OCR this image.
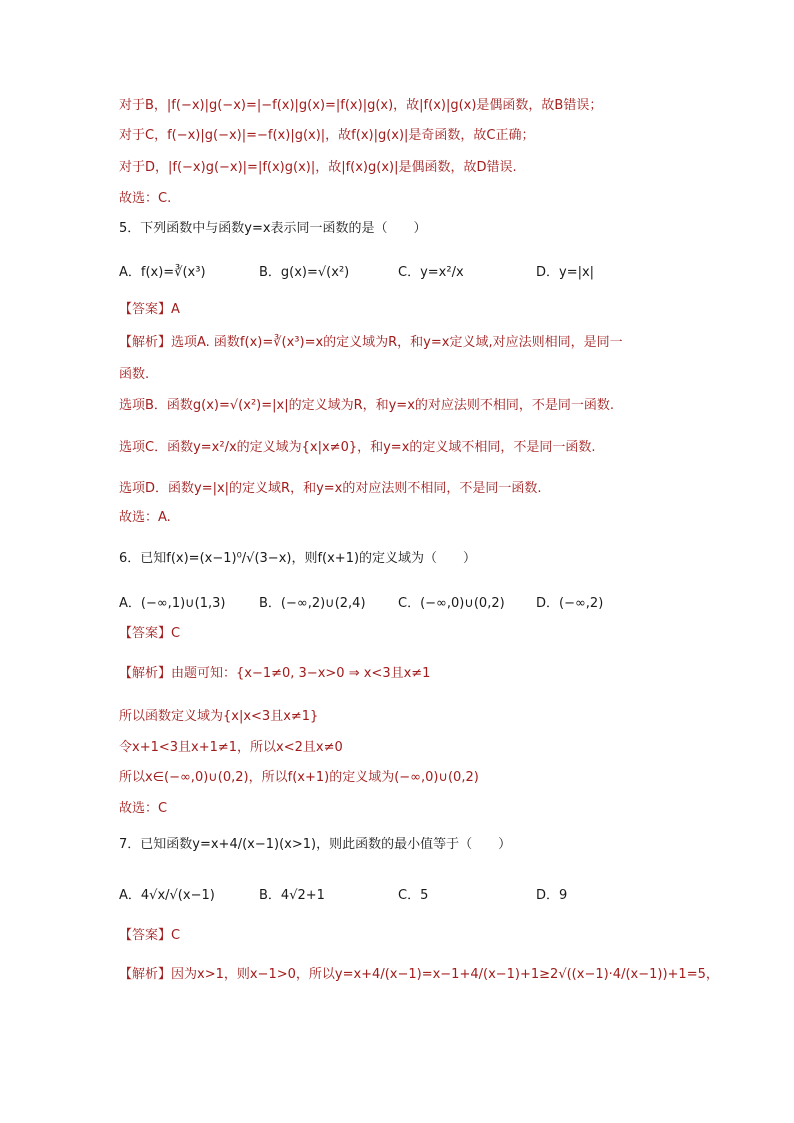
对于B，|f(−x)|g(−x)=|−f(x)|g(x)=|f(x)|g(x)，故|f(x)|g(x)是偶函数，故B错误；
对于C，f(−x)|g(−x)|=−f(x)|g(x)|，故f(x)|g(x)|是奇函数，故C正确；
对于D，|f(−x)g(−x)|=|f(x)g(x)|，故|f(x)g(x)|是偶函数，故D错误.
故选：C.
5．下列函数中与函数y=x表示同一函数的是（　　）
A．f(x)=∛(x³)	B．g(x)=√(x²)	C．y=x²/x	D．y=|x|
【答案】A
【解析】选项A. 函数f(x)=∛(x³)=x的定义域为R，和y=x定义域,对应法则相同，是同一
函数.
选项B．函数g(x)=√(x²)=|x|的定义域为R，和y=x的对应法则不相同，不是同一函数.
选项C．函数y=x²/x的定义域为{x|x≠0}，和y=x的定义域不相同，不是同一函数.
选项D．函数y=|x|的定义域R，和y=x的对应法则不相同，不是同一函数.
故选：A.
6．已知f(x)=(x−1)⁰/√(3−x)，则f(x+1)的定义域为（　　）
A．(−∞,1)∪(1,3)	B．(−∞,2)∪(2,4) C．(−∞,0)∪(0,2) D．(−∞,2)
【答案】C
【解析】由题可知：{x−1≠0, 3−x>0 ⇒ x<3且x≠1
所以函数定义域为{x|x<3且x≠1}
令x+1<3且x+1≠1，所以x<2且x≠0
所以x∈(−∞,0)∪(0,2)，所以f(x+1)的定义域为(−∞,0)∪(0,2)
故选：C
7．已知函数y=x+4/(x−1)(x>1)，则此函数的最小值等于（　　）
A．4√x/√(x−1)	B．4√2+1	C．5	D．9
【答案】C
【解析】因为x>1，则x−1>0，所以y=x+4/(x−1)=x−1+4/(x−1)+1≥2√((x−1)·4/(x−1))+1=5，
